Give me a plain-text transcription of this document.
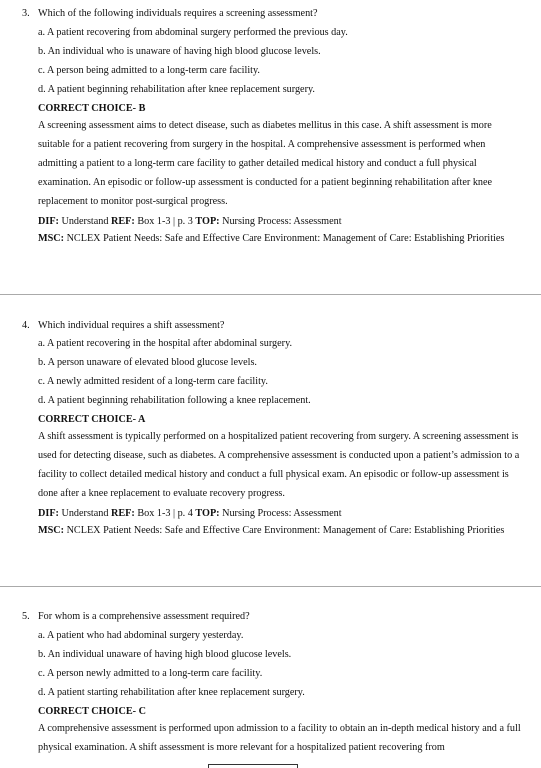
3. Which of the following individuals requires a screening assessment?
a. A patient recovering from abdominal surgery performed the previous day.
b. An individual who is unaware of having high blood glucose levels.
c. A person being admitted to a long-term care facility.
d. A patient beginning rehabilitation after knee replacement surgery.
CORRECT CHOICE- B
A screening assessment aims to detect disease, such as diabetes mellitus in this case. A shift assessment is more suitable for a patient recovering from surgery in the hospital. A comprehensive assessment is performed when admitting a patient to a long-term care facility to gather detailed medical history and conduct a full physical examination. An episodic or follow-up assessment is conducted for a patient beginning rehabilitation after knee replacement to monitor post-surgical progress.
DIF: Understand REF: Box 1-3 | p. 3 TOP: Nursing Process: Assessment
MSC: NCLEX Patient Needs: Safe and Effective Care Environment: Management of Care: Establishing Priorities
4. Which individual requires a shift assessment?
a. A patient recovering in the hospital after abdominal surgery.
b. A person unaware of elevated blood glucose levels.
c. A newly admitted resident of a long-term care facility.
d. A patient beginning rehabilitation following a knee replacement.
CORRECT CHOICE- A
A shift assessment is typically performed on a hospitalized patient recovering from surgery. A screening assessment is used for detecting disease, such as diabetes. A comprehensive assessment is conducted upon a patient’s admission to a facility to collect detailed medical history and conduct a full physical exam. An episodic or follow-up assessment is done after a knee replacement to evaluate recovery progress.
DIF: Understand REF: Box 1-3 | p. 4 TOP: Nursing Process: Assessment
MSC: NCLEX Patient Needs: Safe and Effective Care Environment: Management of Care: Establishing Priorities
5. For whom is a comprehensive assessment required?
a. A patient who had abdominal surgery yesterday.
b. An individual unaware of having high blood glucose levels.
c. A person newly admitted to a long-term care facility.
d. A patient starting rehabilitation after knee replacement surgery.
CORRECT CHOICE- C
A comprehensive assessment is performed upon admission to a facility to obtain an in-depth medical history and a full physical examination. A shift assessment is more relevant for a hospitalized patient recovering from
